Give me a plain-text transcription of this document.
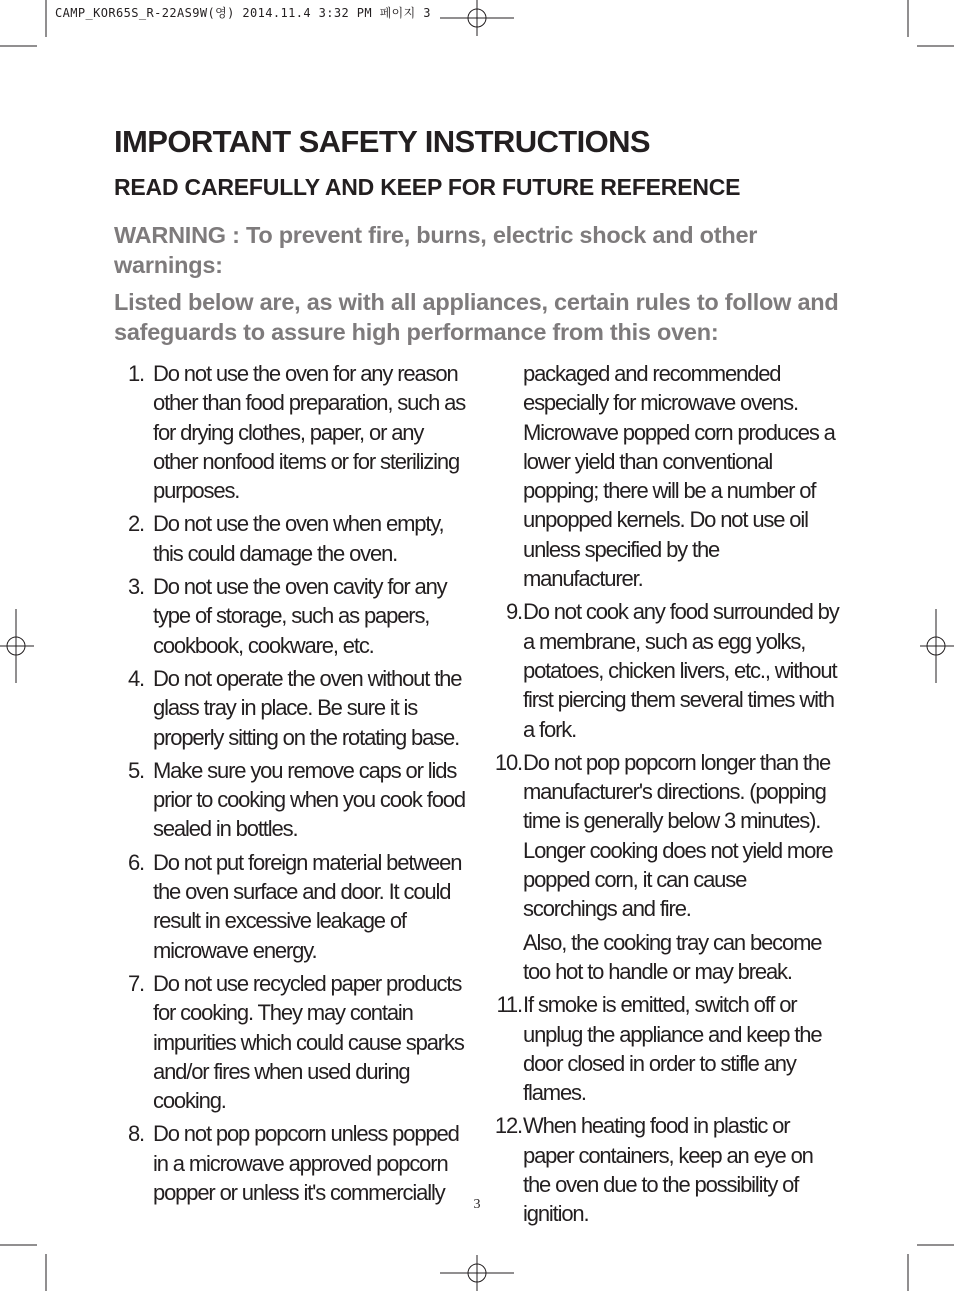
CAMP_KOR65S_R-22AS9W(영) 2014.11.4 3:32 PM 페이지 3
IMPORTANT SAFETY INSTRUCTIONS
READ CAREFULLY AND KEEP FOR FUTURE REFERENCE

WARNING : To prevent fire, burns, electric shock and other warnings:

Listed below are, as with all appliances, certain rules to follow and safeguards to assure high performance from this oven:

1. Do not use the oven for any reason other than food preparation, such as for drying clothes, paper, or any other nonfood items or for sterilizing purposes.
2. Do not use the oven when empty, this could damage the oven.
3. Do not use the oven cavity for any type of storage, such as papers, cookbook, cookware, etc.
4. Do not operate the oven without the glass tray in place. Be sure it is properly sitting on the rotating base.
5. Make sure you remove caps or lids prior to cooking when you cook food sealed in bottles.
6. Do not put foreign material between the oven surface and door. It could result in excessive leakage of microwave energy.
7. Do not use recycled paper products for cooking. They may contain impurities which could cause sparks and/or fires when used during cooking.
8. Do not pop popcorn unless popped in a microwave approved popcorn popper or unless it's commercially
packaged and recommended especially for microwave ovens. Microwave popped corn produces a lower yield than conventional popping; there will be a number of unpopped kernels. Do not use oil unless specified by the manufacturer.
9. Do not cook any food surrounded by a membrane, such as egg yolks, potatoes, chicken livers, etc., without first piercing them several times with a fork.
10. Do not pop popcorn longer than the manufacturer's directions. (popping time is generally below 3 minutes). Longer cooking does not yield more popped corn, it can cause scorchings and fire.
Also, the cooking tray can become too hot to handle or may break.
11. If smoke is emitted, switch off or unplug the appliance and keep the door closed in order to stifle any flames.
12. When heating food in plastic or paper containers, keep an eye on the oven due to the possibility of ignition.
3
